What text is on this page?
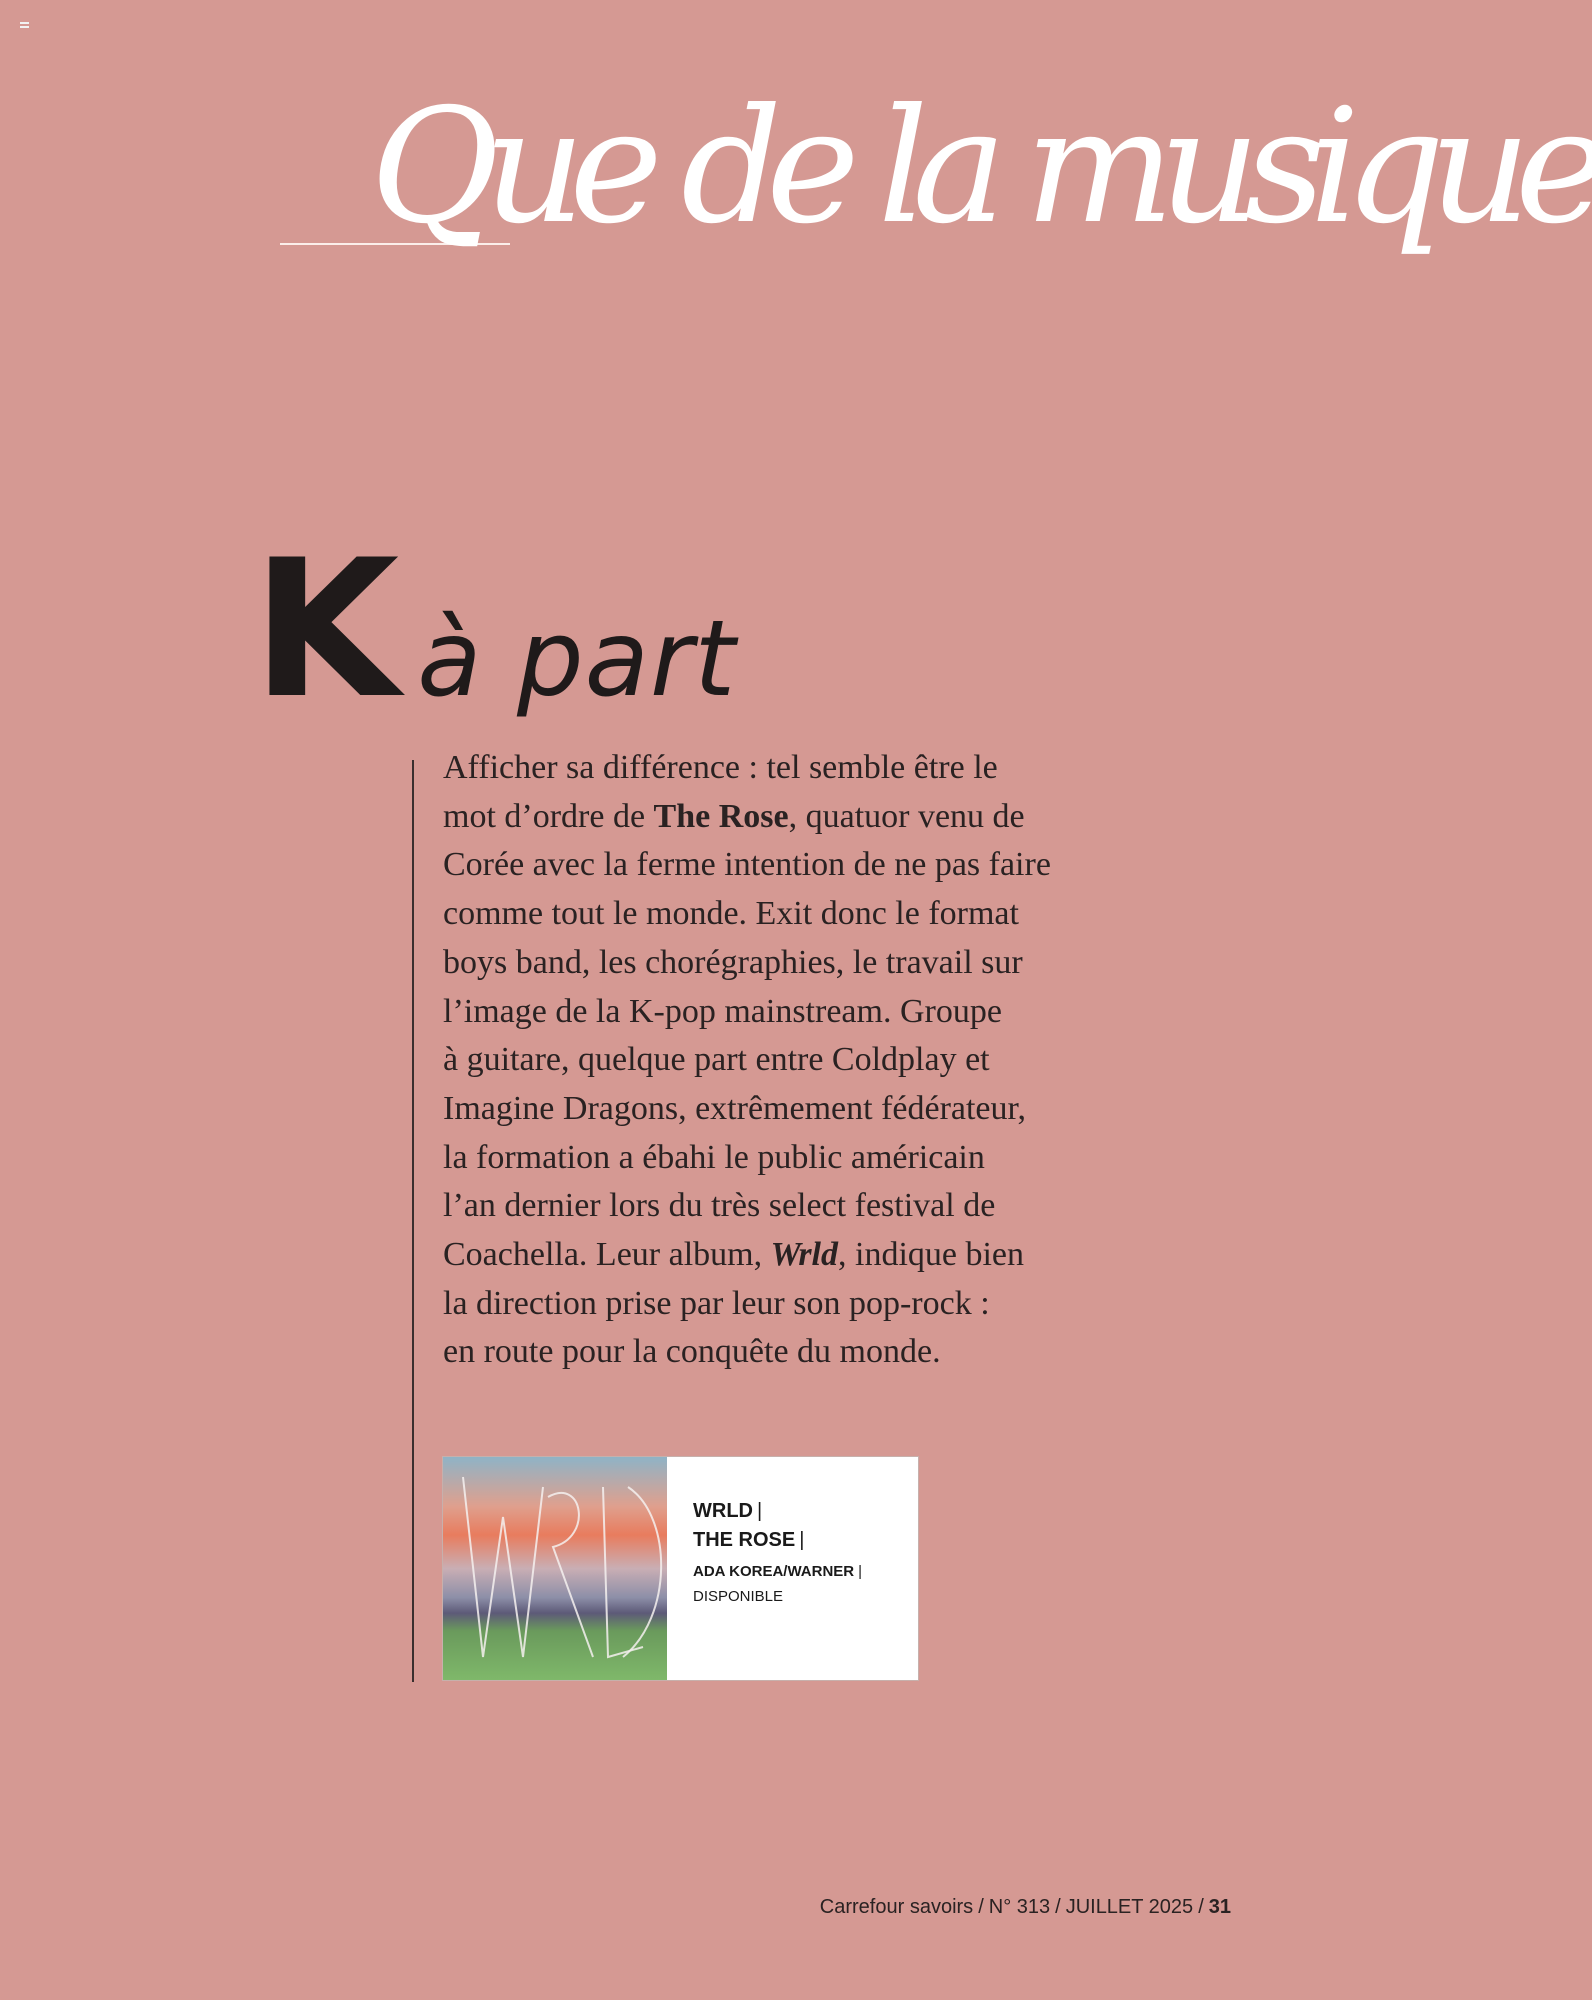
Que de la musique
Kà part

Afficher sa différence : tel semble être le

mot d’ordre de The Rose, quatuor venu de

Corée avec la ferme intention de ne pas faire

comme tout le monde. Exit donc le format

boys band, les chorégraphies, le travail sur

l’image de la K-pop mainstream. Groupe

à guitare, quelque part entre Coldplay et

Imagine Dragons, extrêmement fédérateur,

la formation a ébahi le public américain

l’an dernier lors du très select festival de

Coachella. Leur album, Wrld, indique bien

la direction prise par leur son pop-rock :

en route pour la conquête du monde.

WRLD |
THE ROSE |
ADA KOREA/WARNER |
DISPONIBLE
Carrefour savoirs / N° 313 / JUILLET 2025 / 31
